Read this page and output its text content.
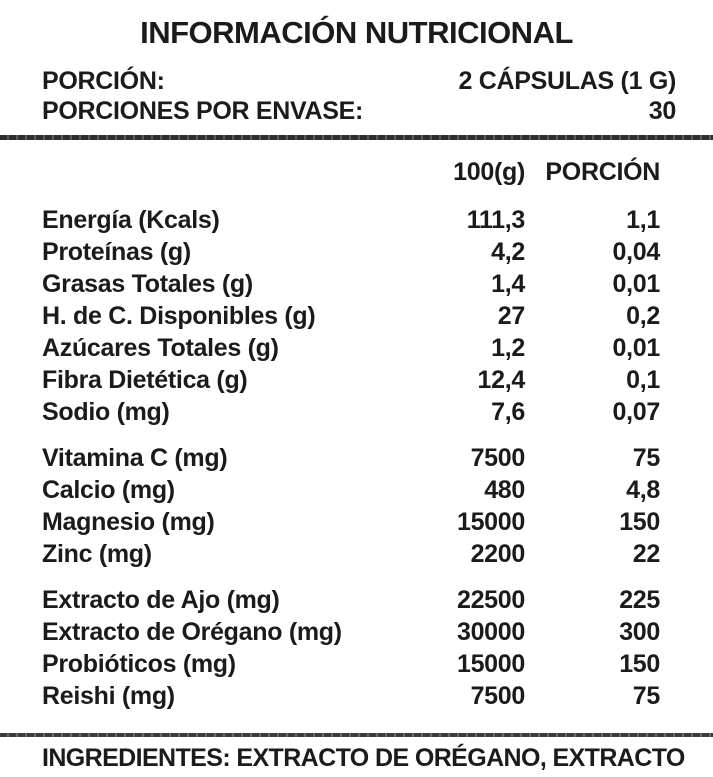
INFORMACIÓN NUTRICIONAL
PORCIÓN:	2 CÁPSULAS (1 G)
PORCIONES POR ENVASE:	30
100(g) PORCIÓN
Energía (Kcals)	111,3	1,1
Proteínas (g)	4,2	0,04
Grasas Totales (g)	1,4	0,01
H. de C. Disponibles (g)	27	0,2
Azúcares Totales (g)	1,2	0,01
Fibra Dietética (g)	12,4	0,1
Sodio (mg)	7,6	0,07
Vitamina C (mg)	7500	75
Calcio (mg)	480	4,8
Magnesio (mg)	15000	150
Zinc (mg)	2200	22
Extracto de Ajo (mg)	22500	225
Extracto de Orégano (mg)	30000	300
Probióticos (mg)	15000	150
Reishi (mg)	7500	75
INGREDIENTES: EXTRACTO DE ORÉGANO, EXTRACTO
